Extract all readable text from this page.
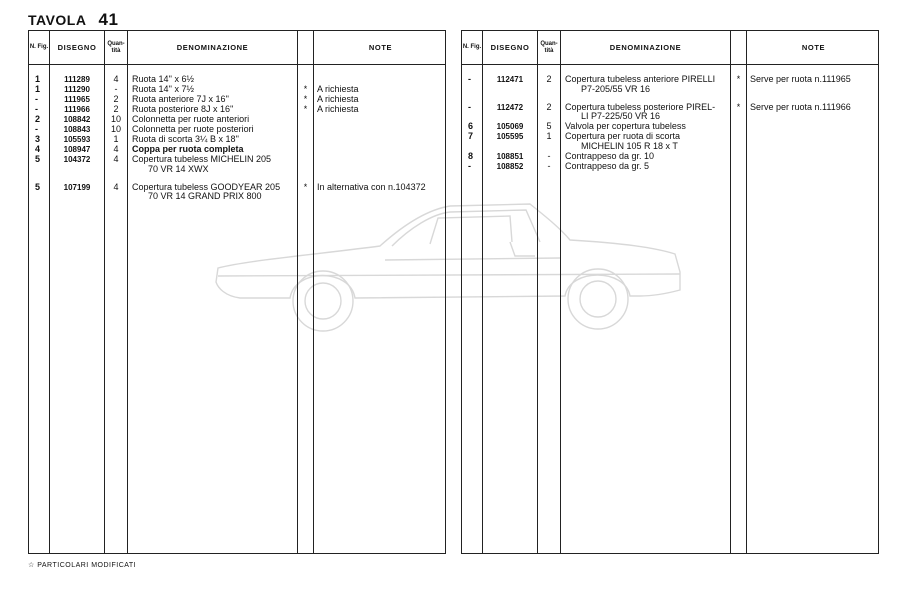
TAVOLA 41
N. Fig.	DISEGNO	Quan-tità	DENOMINAZIONE	NOTE
1	111289	4	Ruota 14'' x 6½
1	111290	-	Ruota 14'' x 7½	*	A richiesta
-	111965	2	Ruota anteriore 7J x 16''	*	A richiesta
-	111966	2	Ruota posteriore 8J x 16''	*	A richiesta
2	108842	10	Colonnetta per ruote anteriori
-	108843	10	Colonnetta per ruote posteriori
3	105593	1	Ruota di scorta 3¼ B x 18''
4	108947	4	Coppa per ruota completa
5	104372	4	Copertura tubeless MICHELIN 205
70 VR 14 XWX
5	107199	4	Copertura tubeless GOODYEAR 205
70 VR 14 GRAND PRIX 800
*	In alternativa con n.104372
N. Fig.	DISEGNO	Quan-tità	DENOMINAZIONE	NOTE
-	112471	2	Copertura tubeless anteriore PIRELLI
P7-205/55 VR 16
*	Serve per ruota n.111965
-	112472	2	Copertura tubeless posteriore PIREL-
LI P7-225/50 VR 16
*	Serve per ruota n.111966
6	105069	5	Valvola per copertura tubeless
7	105595	1	Copertura per ruota di scorta
MICHELIN 105 R 18 x T
8	108851	-	Contrappeso da gr. 10
-	108852	-	Contrappeso da gr. 5
☆ PARTICOLARI MODIFICATI
